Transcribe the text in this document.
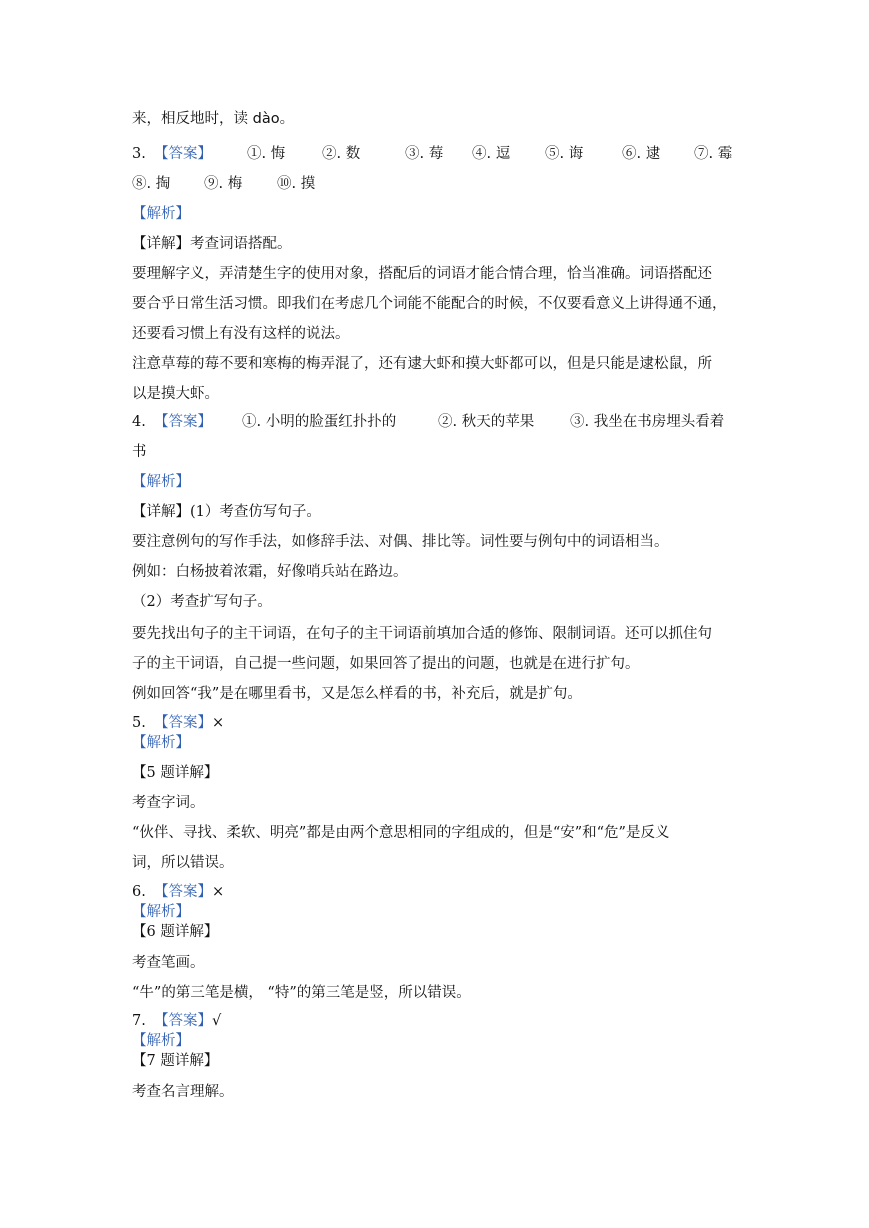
来，相反地时，读 dào。
3. 【答案】 ①. 悔	②. 数	③. 莓 ④. 逗 ⑤. 诲	⑥. 逮 ⑦. 霉
⑧. 掏 ⑨. 梅 ⑩. 摸
【解析】
【详解】考查词语搭配。
要理解字义，弄清楚生字的使用对象，搭配后的词语才能合情合理，恰当准确。词语搭配还
要合乎日常生活习惯。即我们在考虑几个词能不能配合的时候，不仅要看意义上讲得通不通，
还要看习惯上有没有这样的说法。
注意草莓的莓不要和寒梅的梅弄混了，还有逮大虾和摸大虾都可以，但是只能是逮松鼠，所
以是摸大虾。
4. 【答案】 ①. 小明的脸蛋红扑扑的	②. 秋天的苹果 ③. 我坐在书房埋头看着
书
【解析】
【详解】(1）考查仿写句子。
要注意例句的写作手法，如修辞手法、对偶、排比等。词性要与例句中的词语相当。
例如：白杨披着浓霜，好像哨兵站在路边。
（2）考查扩写句子。
要先找出句子的主干词语，在句子的主干词语前填加合适的修饰、限制词语。还可以抓住句
子的主干词语，自己提一些问题，如果回答了提出的问题，也就是在进行扩句。
例如回答“我”是在哪里看书，又是怎么样看的书，补充后，就是扩句。
5. 【答案】×
【解析】
【5 题详解】
考查字词。
“伙伴、寻找、柔软、明亮”都是由两个意思相同的字组成的，但是“安”和“危”是反义
词，所以错误。
6. 【答案】×
【解析】
【6 题详解】
考查笔画。
“牛”的第三笔是横， “特”的第三笔是竖，所以错误。
7. 【答案】√
【解析】
【7 题详解】
考查名言理解。
